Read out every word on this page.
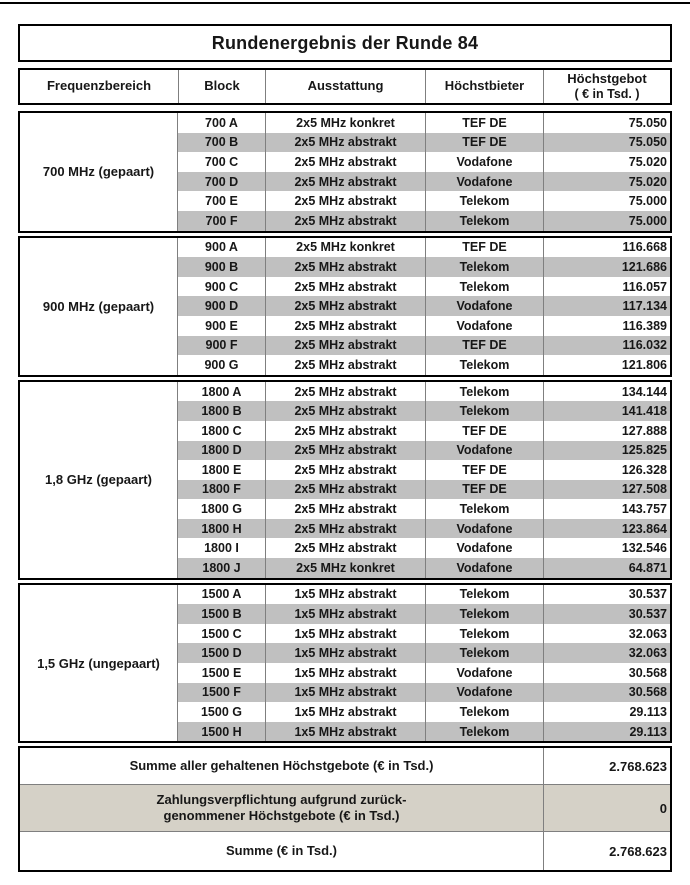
Rundenergebnis der Runde 84
Frequenzbereich	Block	Ausstattung	Höchstbieter	Höchstgebot
( € in Tsd. )
700 MHz (gepaart)
700 A	2x5 MHz konkret	TEF DE	75.050
700 B	2x5 MHz abstrakt	TEF DE	75.050
700 C	2x5 MHz abstrakt	Vodafone	75.020
700 D	2x5 MHz abstrakt	Vodafone	75.020
700 E	2x5 MHz abstrakt	Telekom	75.000
700 F	2x5 MHz abstrakt	Telekom	75.000
900 MHz (gepaart)
900 A	2x5 MHz konkret	TEF DE	116.668
900 B	2x5 MHz abstrakt	Telekom	121.686
900 C	2x5 MHz abstrakt	Telekom	116.057
900 D	2x5 MHz abstrakt	Vodafone	117.134
900 E	2x5 MHz abstrakt	Vodafone	116.389
900 F	2x5 MHz abstrakt	TEF DE	116.032
900 G	2x5 MHz abstrakt	Telekom	121.806
1,8 GHz (gepaart)
1800 A	2x5 MHz abstrakt	Telekom	134.144
1800 B	2x5 MHz abstrakt	Telekom	141.418
1800 C	2x5 MHz abstrakt	TEF DE	127.888
1800 D	2x5 MHz abstrakt	Vodafone	125.825
1800 E	2x5 MHz abstrakt	TEF DE	126.328
1800 F	2x5 MHz abstrakt	TEF DE	127.508
1800 G	2x5 MHz abstrakt	Telekom	143.757
1800 H	2x5 MHz abstrakt	Vodafone	123.864
1800 I	2x5 MHz abstrakt	Vodafone	132.546
1800 J	2x5 MHz konkret	Vodafone	64.871
1,5 GHz (ungepaart)
1500 A	1x5 MHz abstrakt	Telekom	30.537
1500 B	1x5 MHz abstrakt	Telekom	30.537
1500 C	1x5 MHz abstrakt	Telekom	32.063
1500 D	1x5 MHz abstrakt	Telekom	32.063
1500 E	1x5 MHz abstrakt	Vodafone	30.568
1500 F	1x5 MHz abstrakt	Vodafone	30.568
1500 G	1x5 MHz abstrakt	Telekom	29.113
1500 H	1x5 MHz abstrakt	Telekom	29.113
Summe aller gehaltenen Höchstgebote (€ in Tsd.)	2.768.623
Zahlungsverpflichtung aufgrund zurück-
genommener Höchstgebote (€ in Tsd.)	0
Summe (€ in Tsd.)	2.768.623
